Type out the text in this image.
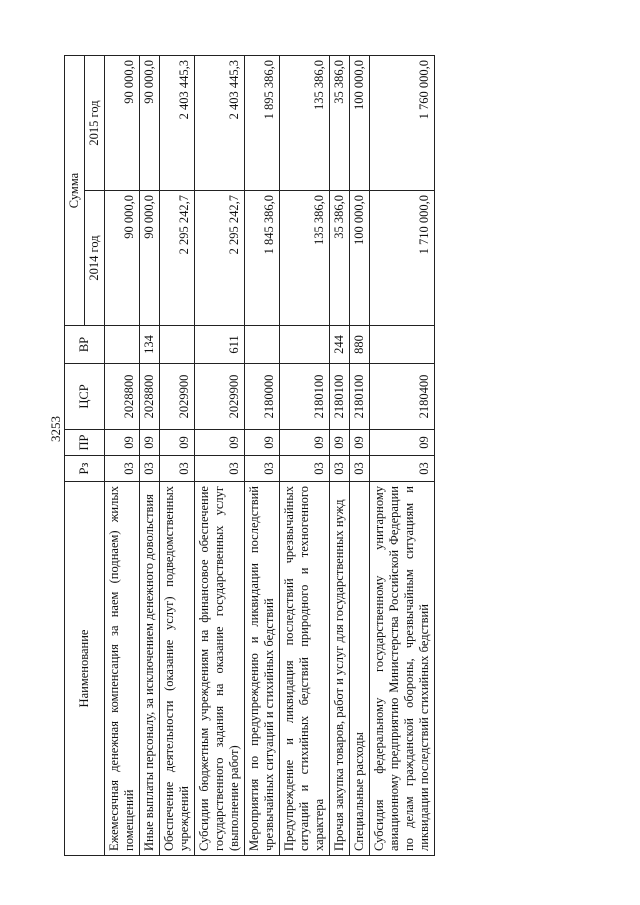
3253
Наименование	Рз	ПР	ЦСР	ВР	Сумма	
					2014 год	2015 год
Ежемесячная денежная компенсация за наем (поднаем) жилых помещений	03	09	2028800		90 000,0	90 000,0
Иные выплаты персоналу, за исключением денежного довольствия	03	09	2028800	134	90 000,0	90 000,0
Обеспечение деятельности (оказание услуг) подведомственных учреждений	03	09	2029900		2 295 242,7	2 403 445,3
Субсидии бюджетным учреждениям на финансовое обеспечение государственного задания на оказание государственных услуг (выполнение работ)	03	09	2029900	611	2 295 242,7	2 403 445,3
Мероприятия по предупреждению и ликвидации последствий чрезвычайных ситуаций и стихийных бедствий	03	09	2180000		1 845 386,0	1 895 386,0
Предупреждение и ликвидация последствий чрезвычайных ситуаций и стихийных бедствий природного и техногенного характера	03	09	2180100		135 386,0	135 386,0
Прочая закупка товаров, работ и услуг для государственных нужд	03	09	2180100	244	35 386,0	35 386,0
Специальные расходы	03	09	2180100	880	100 000,0	100 000,0
Субсидия федеральному государственному унитарному авиационному предприятию Министерства Российской Федерации по делам гражданской обороны, чрезвычайным ситуациям и ликвидации последствий стихийных бедствий	03	09	2180400		1 710 000,0	1 760 000,0
